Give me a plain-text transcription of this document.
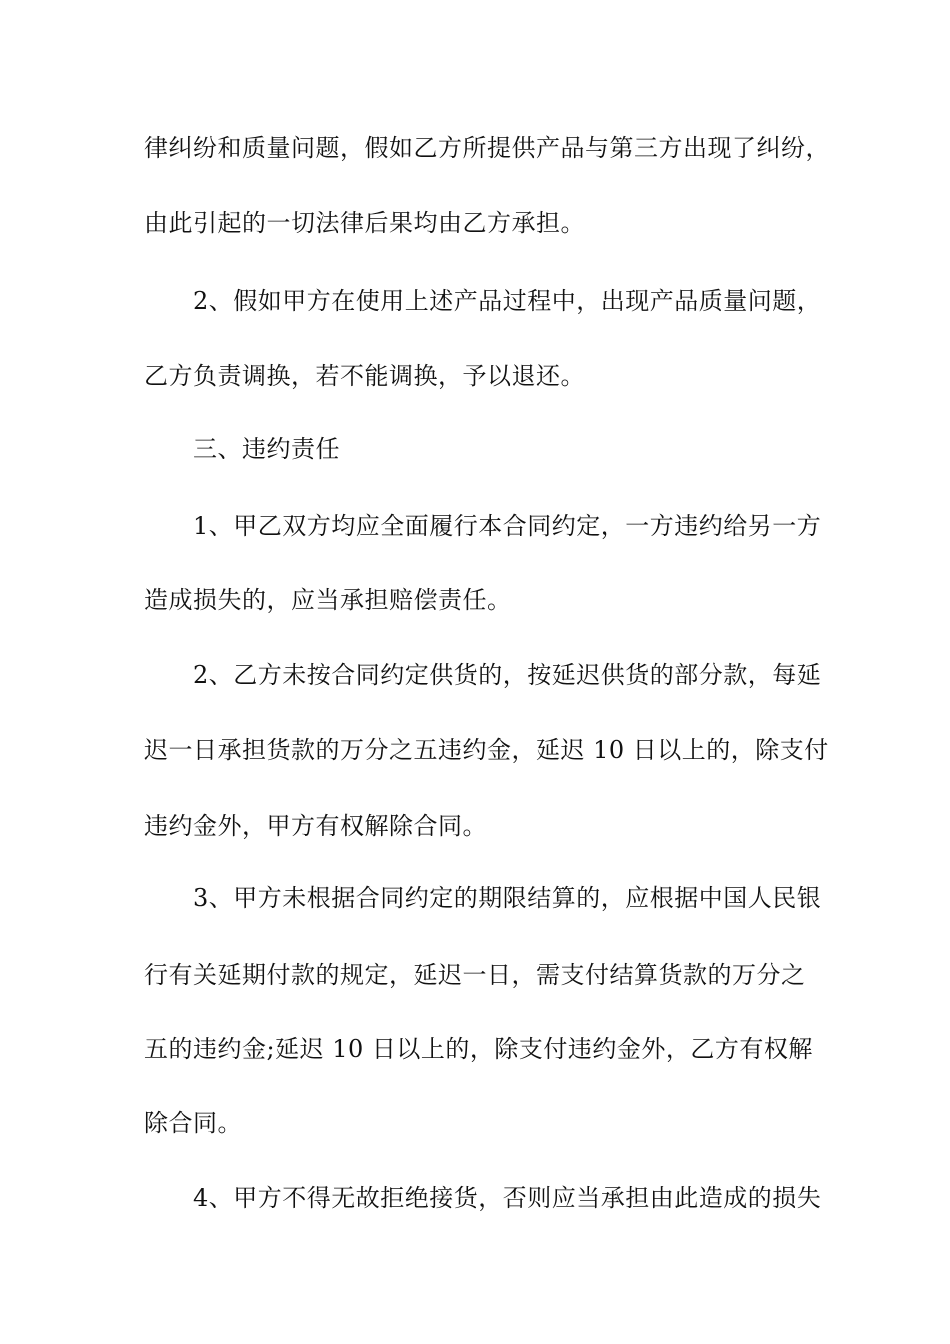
律纠纷和质量问题，假如乙方所提供产品与第三方出现了纠纷，
由此引起的一切法律后果均由乙方承担。
2、假如甲方在使用上述产品过程中，出现产品质量问题，
乙方负责调换，若不能调换，予以退还。
三、违约责任
1、甲乙双方均应全面履行本合同约定，一方违约给另一方
造成损失的，应当承担赔偿责任。
2、乙方未按合同约定供货的，按延迟供货的部分款，每延
迟一日承担货款的万分之五违约金，延迟 10 日以上的，除支付
违约金外，甲方有权解除合同。
3、甲方未根据合同约定的期限结算的，应根据中国人民银
行有关延期付款的规定，延迟一日，需支付结算货款的万分之
五的违约金;延迟 10 日以上的，除支付违约金外，乙方有权解
除合同。
4、甲方不得无故拒绝接货，否则应当承担由此造成的损失
